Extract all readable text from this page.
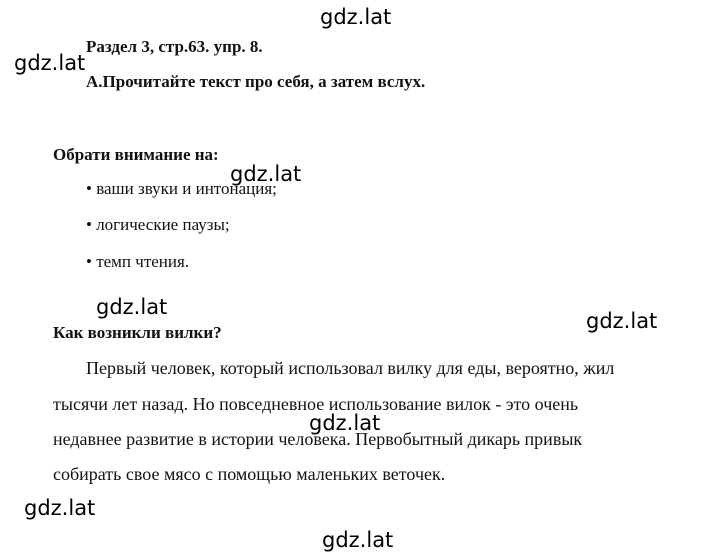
Раздел 3, стр.63. упр. 8.
А.Прочитайте текст про себя, а затем вслух.
Обрати внимание на:
• ваши звуки и интонация;
• логические паузы;
• темп чтения.
Как возникли вилки?
Первый человек, который использовал вилку для еды, вероятно, жил
тысячи лет назад. Но повседневное использование вилок - это очень
недавнее развитие в истории человека. Первобытный дикарь привык
собирать свое мясо с помощью маленьких веточек.
gdz.lat
gdz.lat
gdz.lat
gdz.lat
gdz.lat
gdz.lat
gdz.lat
gdz.lat
